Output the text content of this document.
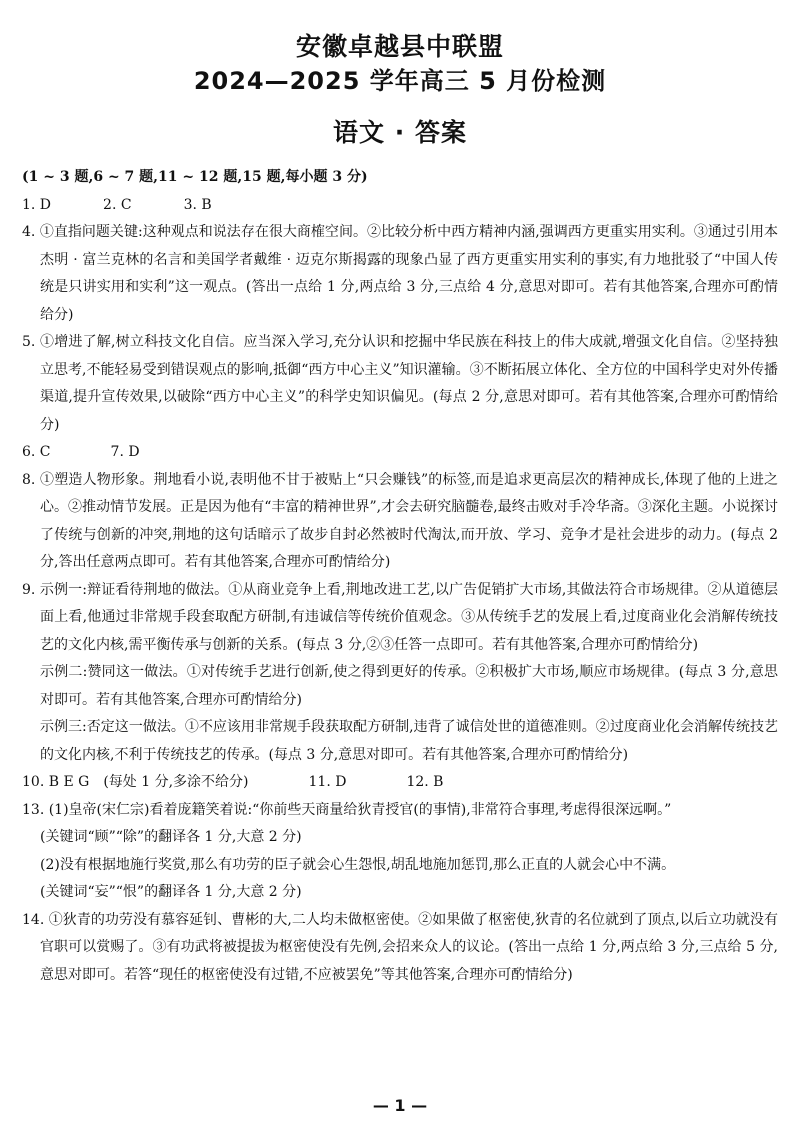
安徽卓越县中联盟
2024—2025 学年高三 5 月份检测
语文 · 答案
(1 ~ 3 题,6 ~ 7 题,11 ~ 12 题,15 题,每小题 3 分)
1. D	2. C	3. B
4. ①直指问题关键:这种观点和说法存在很大商榷空间。②比较分析中西方精神内涵,强调西方更重实用实利。③通过引用本杰明 · 富兰克林的名言和美国学者戴维 · 迈克尔斯揭露的现象凸显了西方更重实用实利的事实,有力地批驳了“中国人传统是只讲实用和实利”这一观点。(答出一点给 1 分,两点给 3 分,三点给 4 分,意思对即可。若有其他答案,合理亦可酌情给分)
5. ①增进了解,树立科技文化自信。应当深入学习,充分认识和挖掘中华民族在科技上的伟大成就,增强文化自信。②坚持独立思考,不能轻易受到错误观点的影响,抵御“西方中心主义”知识灌输。③不断拓展立体化、全方位的中国科学史对外传播渠道,提升宣传效果,以破除“西方中心主义”的科学史知识偏见。(每点 2 分,意思对即可。若有其他答案,合理亦可酌情给分)
6. C	7. D
8. ①塑造人物形象。荆地看小说,表明他不甘于被贴上“只会赚钱”的标签,而是追求更高层次的精神成长,体现了他的上进之心。②推动情节发展。正是因为他有“丰富的精神世界”,才会去研究脑髓卷,最终击败对手冷华斋。③深化主题。小说探讨了传统与创新的冲突,荆地的这句话暗示了故步自封必然被时代淘汰,而开放、学习、竞争才是社会进步的动力。(每点 2 分,答出任意两点即可。若有其他答案,合理亦可酌情给分)
9. 示例一:辩证看待荆地的做法。①从商业竞争上看,荆地改进工艺,以广告促销扩大市场,其做法符合市场规律。②从道德层面上看,他通过非常规手段套取配方研制,有违诚信等传统价值观念。③从传统手艺的发展上看,过度商业化会消解传统技艺的文化内核,需平衡传承与创新的关系。(每点 3 分,②③任答一点即可。若有其他答案,合理亦可酌情给分)
示例二:赞同这一做法。①对传统手艺进行创新,使之得到更好的传承。②积极扩大市场,顺应市场规律。(每点 3 分,意思对即可。若有其他答案,合理亦可酌情给分)
示例三:否定这一做法。①不应该用非常规手段获取配方研制,违背了诚信处世的道德准则。②过度商业化会消解传统技艺的文化内核,不利于传统技艺的传承。(每点 3 分,意思对即可。若有其他答案,合理亦可酌情给分)
10. B E G (每处 1 分,多涂不给分)	11. D	12. B
13. (1)皇帝(宋仁宗)看着庞籍笑着说:“你前些天商量给狄青授官(的事情),非常符合事理,考虑得很深远啊。”
(关键词“顾”“除”的翻译各 1 分,大意 2 分)
(2)没有根据地施行奖赏,那么有功劳的臣子就会心生怨恨,胡乱地施加惩罚,那么正直的人就会心中不满。
(关键词“妄”“恨”的翻译各 1 分,大意 2 分)
14. ①狄青的功劳没有慕容延钊、曹彬的大,二人均未做枢密使。②如果做了枢密使,狄青的名位就到了顶点,以后立功就没有官职可以赏赐了。③有功武将被提拔为枢密使没有先例,会招来众人的议论。(答出一点给 1 分,两点给 3 分,三点给 5 分,意思对即可。若答“现任的枢密使没有过错,不应被罢免”等其他答案,合理亦可酌情给分)
— 1 —
